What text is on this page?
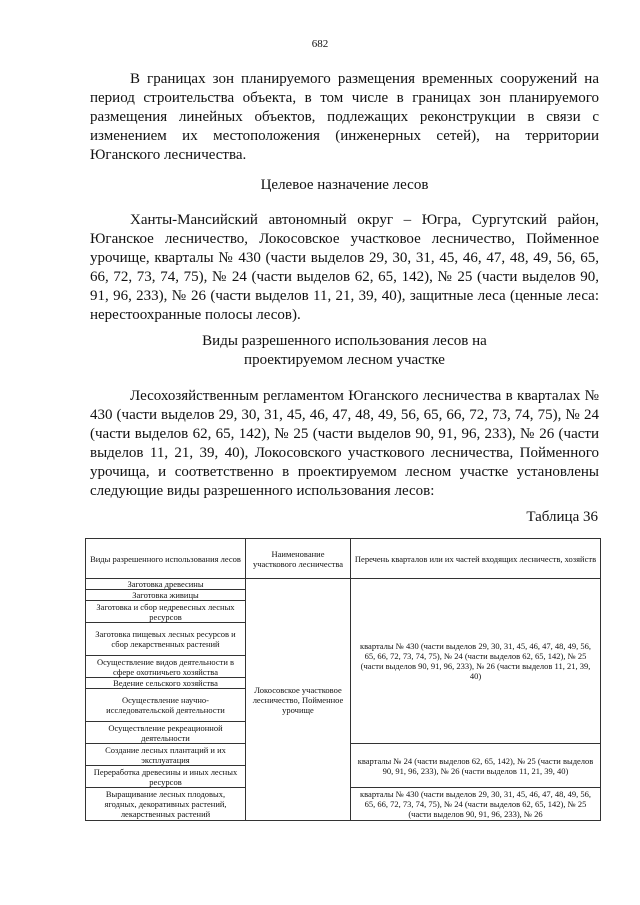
682

В границах зон планируемого размещения временных сооружений на период строительства объекта, в том числе в границах зон планируемого размещения линейных объектов, подлежащих реконструкции в связи с изменением их местоположения (инженерных сетей), на территории Юганского лесничества.

Целевое назначение лесов

Ханты-Мансийский автономный округ – Югра, Сургутский район, Юганское лесничество, Локосовское участковое лесничество, Пойменное урочище, кварталы № 430 (части выделов 29, 30, 31, 45, 46, 47, 48, 49, 56, 65, 66, 72, 73, 74, 75), № 24 (части выделов 62, 65, 142), № 25 (части выделов 90, 91, 96, 233), № 26 (части выделов 11, 21, 39, 40), защитные леса (ценные леса: нерестоохранные полосы лесов).

Виды разрешенного использования лесов на
проектируемом лесном участке

Лесохозяйственным регламентом Юганского лесничества в кварталах № 430 (части выделов 29, 30, 31, 45, 46, 47, 48, 49, 56, 65, 66, 72, 73, 74, 75), № 24 (части выделов 62, 65, 142), № 25 (части выделов 90, 91, 96, 233), № 26 (части выделов 11, 21, 39, 40), Локосовского участкового лесничества, Пойменного урочища, и соответственно в проектируемом лесном участке установлены следующие виды разрешенного использования лесов:

Таблица 36
Виды разрешенного использования лесов	Наименование участкового лесничества	Перечень кварталов или их частей входящих лесничеств, хозяйств
Заготовка древесины	Локосовское участковое лесничество, Пойменное урочище	кварталы № 430 (части выделов 29, 30, 31, 45, 46, 47, 48, 49, 56, 65, 66, 72, 73, 74, 75), № 24 (части выделов 62, 65, 142), № 25 (части выделов 90, 91, 96, 233), № 26 (части выделов 11, 21, 39, 40)
Заготовка живицы		
Заготовка и сбор недревесных лесных ресурсов		
Заготовка пищевых лесных ресурсов и сбор лекарственных растений		
Осуществление видов деятельности в сфере охотничьего хозяйства		
Ведение сельского хозяйства		
Осуществление научно-исследовательской деятельности		
Осуществление рекреационной деятельности		
Создание лесных плантаций и их эксплуатация		кварталы № 24 (части выделов 62, 65, 142), № 25 (части выделов 90, 91, 96, 233), № 26 (части выделов 11, 21, 39, 40)
Переработка древесины и иных лесных ресурсов		
Выращивание лесных плодовых, ягодных, декоративных растений, лекарственных растений		кварталы № 430 (части выделов 29, 30, 31, 45, 46, 47, 48, 49, 56, 65, 66, 72, 73, 74, 75), № 24 (части выделов 62, 65, 142), № 25 (части выделов 90, 91, 96, 233), № 26
